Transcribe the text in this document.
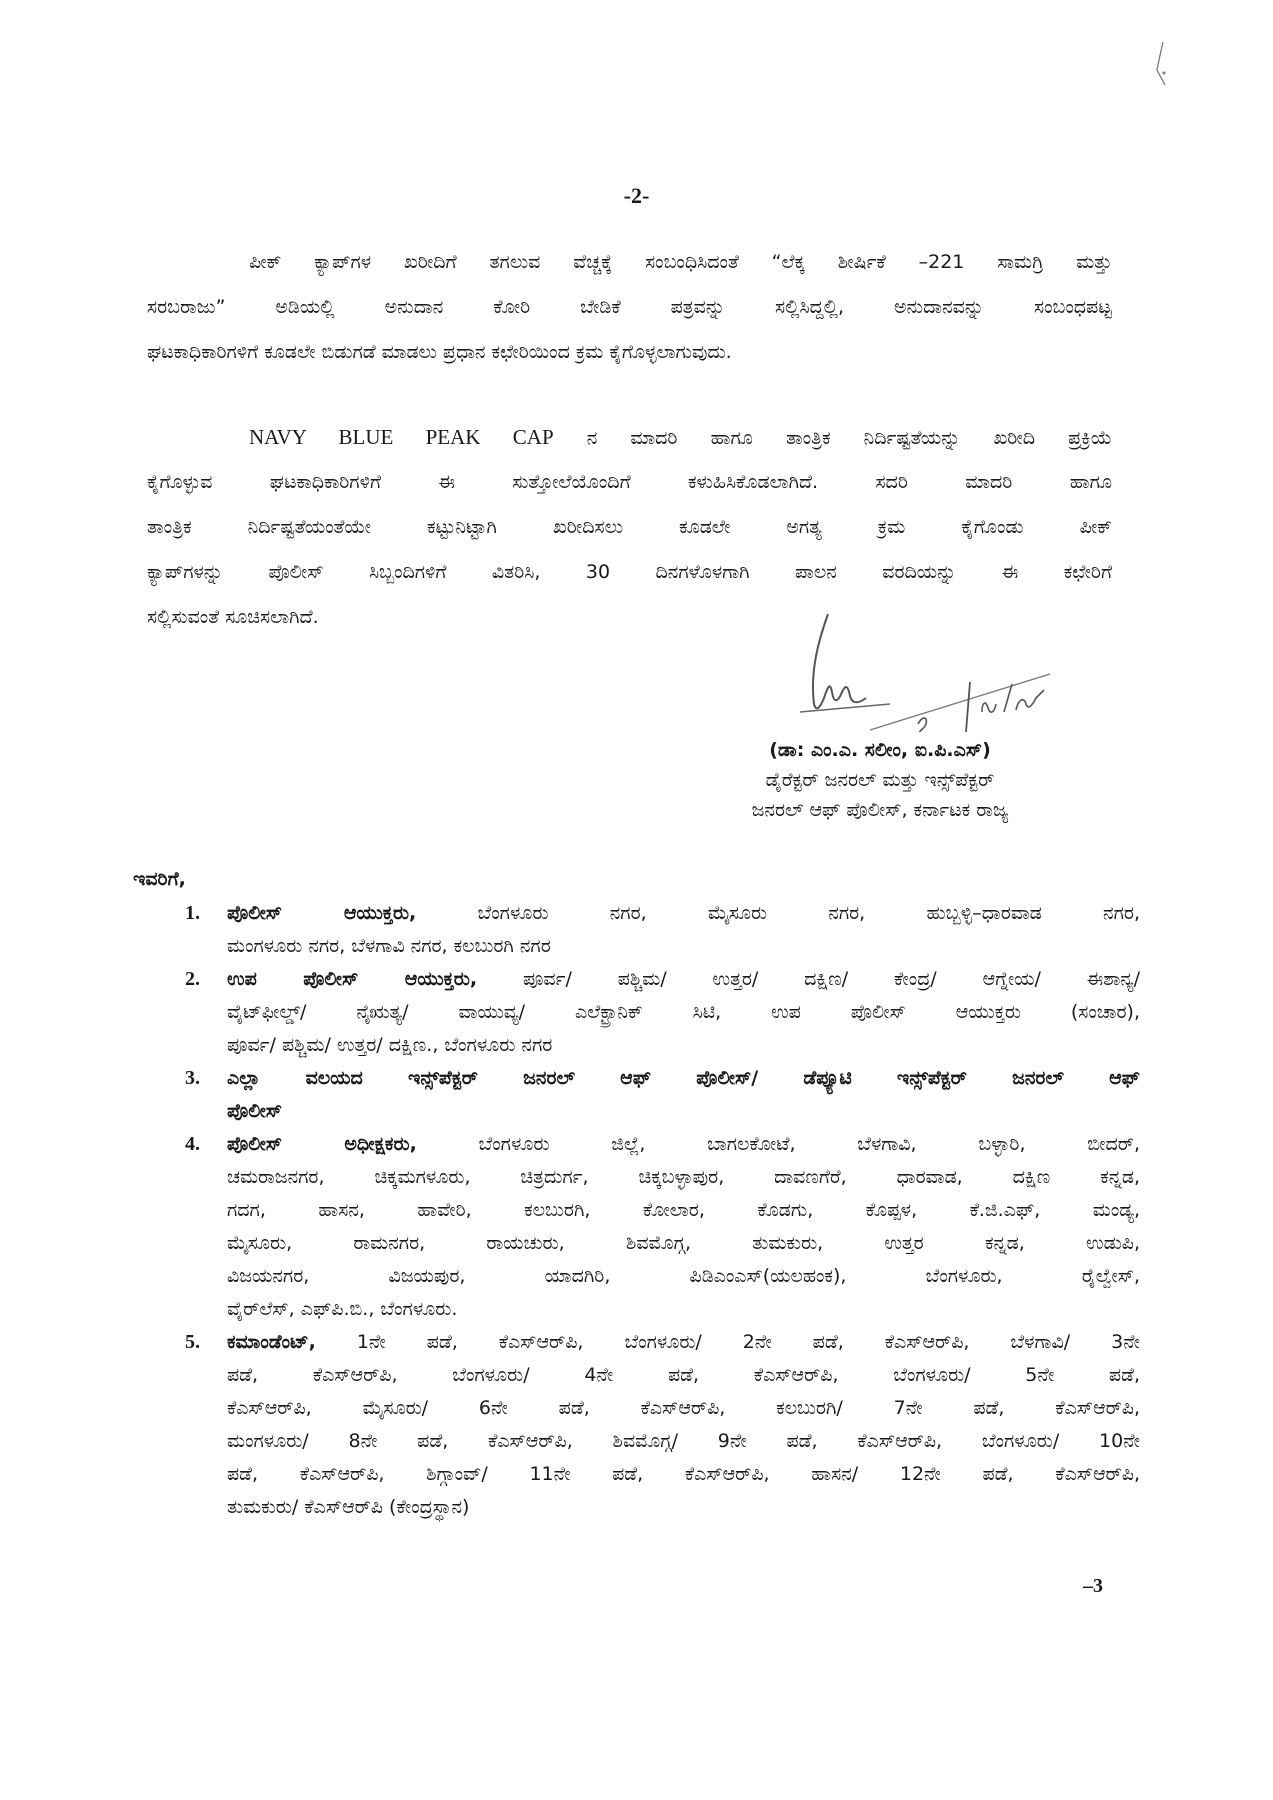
-2-
ಪೀಕ್ ಕ್ಯಾಪ್‌ಗಳ ಖರೀದಿಗೆ ತಗಲುವ ವೆಚ್ಚಕ್ಕೆ ಸಂಬಂಧಿಸಿದಂತೆ “ಲೆಕ್ಕ ಶೀರ್ಷಿಕೆ –221 ಸಾಮಗ್ರಿ ಮತ್ತು
ಸರಬರಾಜು” ಅಡಿಯಲ್ಲಿ ಅನುದಾನ ಕೋರಿ ಬೇಡಿಕೆ ಪತ್ರವನ್ನು ಸಲ್ಲಿಸಿದ್ದಲ್ಲಿ, ಅನುದಾನವನ್ನು ಸಂಬಂಧಪಟ್ಟ
ಘಟಕಾಧಿಕಾರಿಗಳಿಗೆ ಕೂಡಲೇ ಬಿಡುಗಡೆ ಮಾಡಲು ಪ್ರಧಾನ ಕಛೇರಿಯಿಂದ ಕ್ರಮ ಕೈಗೊಳ್ಳಲಾಗುವುದು.
NAVY BLUE PEAK CAP ನ ಮಾದರಿ ಹಾಗೂ ತಾಂತ್ರಿಕ ನಿರ್ದಿಷ್ಟತೆಯನ್ನು ಖರೀದಿ ಪ್ರಕ್ರಿಯೆ
ಕೈಗೊಳ್ಳುವ ಘಟಕಾಧಿಕಾರಿಗಳಿಗೆ ಈ ಸುತ್ತೋಲೆಯೊಂದಿಗೆ ಕಳುಹಿಸಿಕೊಡಲಾಗಿದೆ. ಸದರಿ ಮಾದರಿ ಹಾಗೂ
ತಾಂತ್ರಿಕ ನಿರ್ದಿಷ್ಟತೆಯಂತೆಯೇ ಕಟ್ಟುನಿಟ್ಟಾಗಿ ಖರೀದಿಸಲು ಕೂಡಲೇ ಅಗತ್ಯ ಕ್ರಮ ಕೈಗೊಂಡು ಪೀಕ್
ಕ್ಯಾಪ್‌ಗಳನ್ನು ಪೊಲೀಸ್ ಸಿಬ್ಬಂದಿಗಳಿಗೆ ವಿತರಿಸಿ, 30 ದಿನಗಳೊಳಗಾಗಿ ಪಾಲನ ವರದಿಯನ್ನು ಈ ಕಛೇರಿಗೆ
ಸಲ್ಲಿಸುವಂತೆ ಸೂಚಿಸಲಾಗಿದೆ.
(ಡಾ: ಎಂ.ಎ. ಸಲೀಂ, ಐ.ಪಿ.ಎಸ್)
ಡೈರೆಕ್ಟರ್ ಜನರಲ್ ಮತ್ತು ಇನ್ಸ್‌ಪೆಕ್ಟರ್
ಜನರಲ್ ಆಫ್ ಪೊಲೀಸ್, ಕರ್ನಾಟಕ ರಾಜ್ಯ
ಇವರಿಗೆ,
1. ಪೊಲೀಸ್ ಆಯುಕ್ತರು, ಬೆಂಗಳೂರು ನಗರ, ಮೈಸೂರು ನಗರ, ಹುಬ್ಬಳ್ಳಿ–ಧಾರವಾಡ ನಗರ,
ಮಂಗಳೂರು ನಗರ, ಬೆಳಗಾವಿ ನಗರ, ಕಲಬುರಗಿ ನಗರ
2. ಉಪ ಪೊಲೀಸ್ ಆಯುಕ್ತರು, ಪೂರ್ವ/ ಪಶ್ಚಿಮ/ ಉತ್ತರ/ ದಕ್ಷಿಣ/ ಕೇಂದ್ರ/ ಆಗ್ನೇಯ/ ಈಶಾನ್ಯ/
ವೈಟ್‌ಫೀಲ್ಡ್/ ನೈಋತ್ಯ/ ವಾಯುವ್ಯ/ ಎಲೆಕ್ಟ್ರಾನಿಕ್ ಸಿಟಿ, ಉಪ ಪೊಲೀಸ್ ಆಯುಕ್ತರು (ಸಂಚಾರ),
ಪೂರ್ವ/ ಪಶ್ಚಿಮ/ ಉತ್ತರ/ ದಕ್ಷಿಣ., ಬೆಂಗಳೂರು ನಗರ
3. ಎಲ್ಲಾ ವಲಯದ ಇನ್ಸ್‌ಪೆಕ್ಟರ್ ಜನರಲ್ ಆಫ್ ಪೊಲೀಸ್/ ಡೆಪ್ಯೂಟಿ ಇನ್ಸ್‌ಪೆಕ್ಟರ್ ಜನರಲ್ ಆಫ್
ಪೊಲೀಸ್
4. ಪೊಲೀಸ್ ಅಧೀಕ್ಷಕರು, ಬೆಂಗಳೂರು ಜಿಲ್ಲೆ, ಬಾಗಲಕೋಟೆ, ಬೆಳಗಾವಿ, ಬಳ್ಳಾರಿ, ಬೀದರ್,
ಚಮರಾಜನಗರ, ಚಿಕ್ಕಮಗಳೂರು, ಚಿತ್ರದುರ್ಗ, ಚಿಕ್ಕಬಳ್ಳಾಪುರ, ದಾವಣಗೆರೆ, ಧಾರವಾಡ, ದಕ್ಷಿಣ ಕನ್ನಡ,
ಗದಗ, ಹಾಸನ, ಹಾವೇರಿ, ಕಲಬುರಗಿ, ಕೋಲಾರ, ಕೊಡಗು, ಕೊಪ್ಪಳ, ಕೆ.ಜಿ.ಎಫ್, ಮಂಡ್ಯ,
ಮೈಸೂರು, ರಾಮನಗರ, ರಾಯಚುರು, ಶಿವಮೊಗ್ಗ, ತುಮಕುರು, ಉತ್ತರ ಕನ್ನಡ, ಉಡುಪಿ,
ವಿಜಯನಗರ, ವಿಜಯಪುರ, ಯಾದಗಿರಿ, ಪಿಡಿಎಂಎಸ್(ಯಲಹಂಕ), ಬೆಂಗಳೂರು, ರೈಲ್ವೇಸ್,
ವೈರ್‌ಲೆಸ್, ಎಫ್‌ಪಿ.ಬಿ., ಬೆಂಗಳೂರು.
5. ಕಮಾಂಡೆಂಟ್, 1ನೇ ಪಡೆ, ಕೆಎಸ್‌ಆರ್‌ಪಿ, ಬೆಂಗಳೂರು/ 2ನೇ ಪಡೆ, ಕೆಎಸ್‌ಆರ್‌ಪಿ, ಬೆಳಗಾವಿ/ 3ನೇ
ಪಡೆ, ಕೆಎಸ್‌ಆರ್‌ಪಿ, ಬೆಂಗಳೂರು/ 4ನೇ ಪಡೆ, ಕೆಎಸ್‌ಆರ್‌ಪಿ, ಬೆಂಗಳೂರು/ 5ನೇ ಪಡೆ,
ಕೆಎಸ್‌ಆರ್‌ಪಿ, ಮೈಸೂರು/ 6ನೇ ಪಡೆ, ಕೆಎಸ್‌ಆರ್‌ಪಿ, ಕಲಬುರಗಿ/ 7ನೇ ಪಡೆ, ಕೆಎಸ್‌ಆರ್‌ಪಿ,
ಮಂಗಳೂರು/ 8ನೇ ಪಡೆ, ಕೆಎಸ್‌ಆರ್‌ಪಿ, ಶಿವಮೊಗ್ಗ/ 9ನೇ ಪಡೆ, ಕೆಎಸ್‌ಆರ್‌ಪಿ, ಬೆಂಗಳೂರು/ 10ನೇ
ಪಡೆ, ಕೆಎಸ್‌ಆರ್‌ಪಿ, ಶಿಗ್ಗಾಂವ್/ 11ನೇ ಪಡೆ, ಕೆಎಸ್‌ಆರ್‌ಪಿ, ಹಾಸನ/ 12ನೇ ಪಡೆ, ಕೆಎಸ್‌ಆರ್‌ಪಿ,
ತುಮಕುರು/ ಕೆಎಸ್‌ಆರ್‌ಪಿ (ಕೇಂದ್ರಸ್ಥಾನ)
–3
